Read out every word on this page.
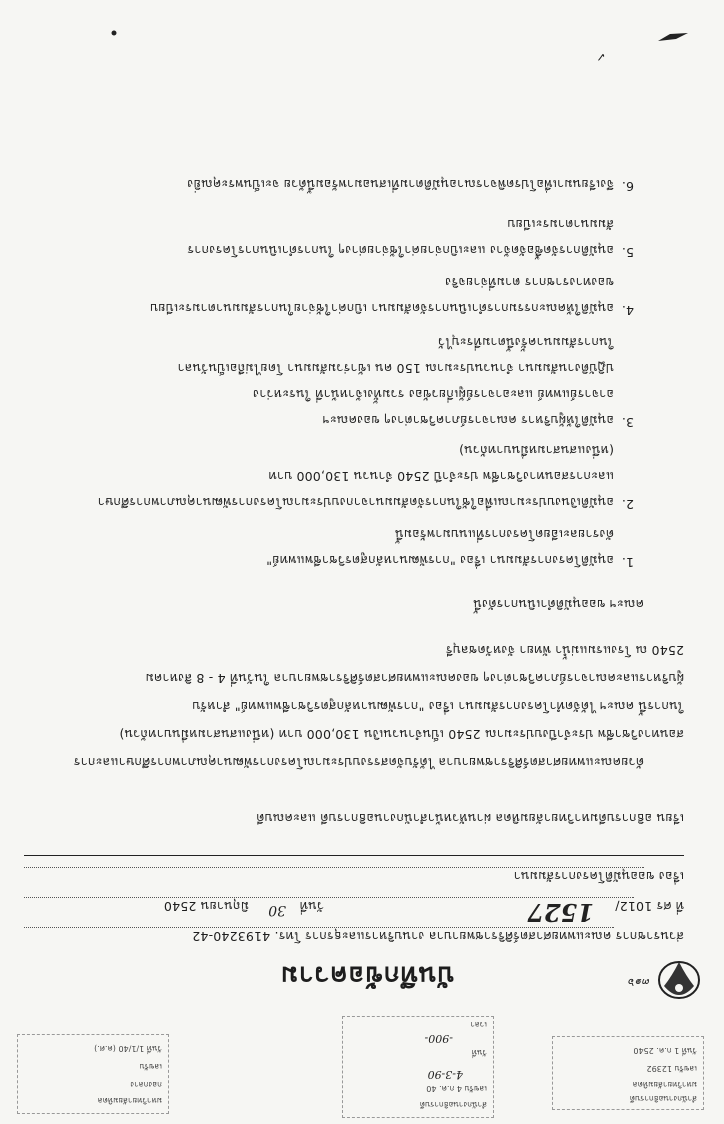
สำนักงานอธิการบดี
มหาวิทยาลัยมหิดล
เลขรับ 12392
วันที่ 1 ก.ค. 2540
สำนักงานอธิการบดี
เลขรับ 4 ก.ค. 40
4-3-90
วันที่
-900-
เวลา
มหาวิทยาลัยมหิดล
กองกลาง
เลขรับ
วันที่ 1/1/40 (ค.ศ.)
๓๑๖
บันทึกข้อความ
ส่วนราชการ คณะแพทยศาสตร์ศิริราชพยาบาล งานบริหารและธุรการ โทร. 4193240-42
ที่ ศร 1012/
1527
วันที่
30
มิถุนายน 2540
เรื่อง ขออนุมัติโครงการสัมมนา
เรียน อธิการบดีมหาวิทยาลัยมหิดล ผ่านหัวหน้าสำนักงานอธิการบดี และคณบดี
ด้วยคณะแพทยศาสตร์ศิริราชพยาบาล ได้รับจัดสรรงบประมาณโครงการพัฒนาคุณภาพการศึกษาและการ
สอนทางวิชาชีพ ประจำปีงบประมาณ 2540 เป็นจำนวนเงิน 130,000 บาท (หนึ่งแสนสามหมื่นบาทถ้วน)
ในการนี้ คณะฯ ได้จัดทำโครงการสัมมนา เรื่อง "การพัฒนาหลักสูตรวิชาชีพแพทย์" สำหรับ
ผู้บริหารและคณาจารย์ภาควิชาต่างๆ ของคณะแพทยศาสตร์ศิริราชพยาบาล ในวันที่ 4 - 8 สิงหาคม
2540 ณ โรงแรมแม่น้ำ พัทยา จังหวัดชลบุรี
คณะฯ ขออนุมัติดำเนินการดังนี้
1.
อนุมัติโครงการสัมมนา เรื่อง "การพัฒนาหลักสูตรวิชาชีพแพทย์"
ดังรายละเอียดโครงการที่แนบมาพร้อมนี้
2.
อนุมัติเงินงบประมาณเพื่อใช้ในการจัดสัมมนาจากงบประมาณโครงการพัฒนาคุณภาพการศึกษา
และการสอนทางวิชาชีพ ประจำปี 2540 จำนวน 130,000 บาท
(หนึ่งแสนสามหมื่นบาทถ้วน)
3.
อนุมัติให้ผู้บริหาร คณาจารย์ภาควิชาต่างๆ ของคณะฯ
อาจารย์แพทย์ และอาจารย์ผู้เกี่ยวข้อง รวมทั้งเจ้าหน้าที่ ในระหว่าง
ปฏิบัติงานสัมมนา จำนวนประมาณ 150 คน เข้าร่วมสัมมนา โดยไม่ถือเป็นวันลา
ในการสัมมนาครั้งนี้ตามที่ระบุไว้
4.
อนุมัติให้คณะกรรมการดำเนินการจัดสัมมนา เบิกค่าใช้จ่ายในการสัมมนาตามระเบียบ
ของทางราชการ ตามที่จ่ายจริง
5.
อนุมัติการจัดซื้อจัดจ้าง และเบิกจ่ายค่าใช้จ่ายต่างๆ ในการดำเนินการโครงการ
สัมมนาตามระเบียบ
6.
จึงเรียนมาเพื่อโปรดพิจารณาอนุมัติตามที่เสนอมาพร้อมนี้ด้วย จะเป็นพระคุณยิ่ง
✓
